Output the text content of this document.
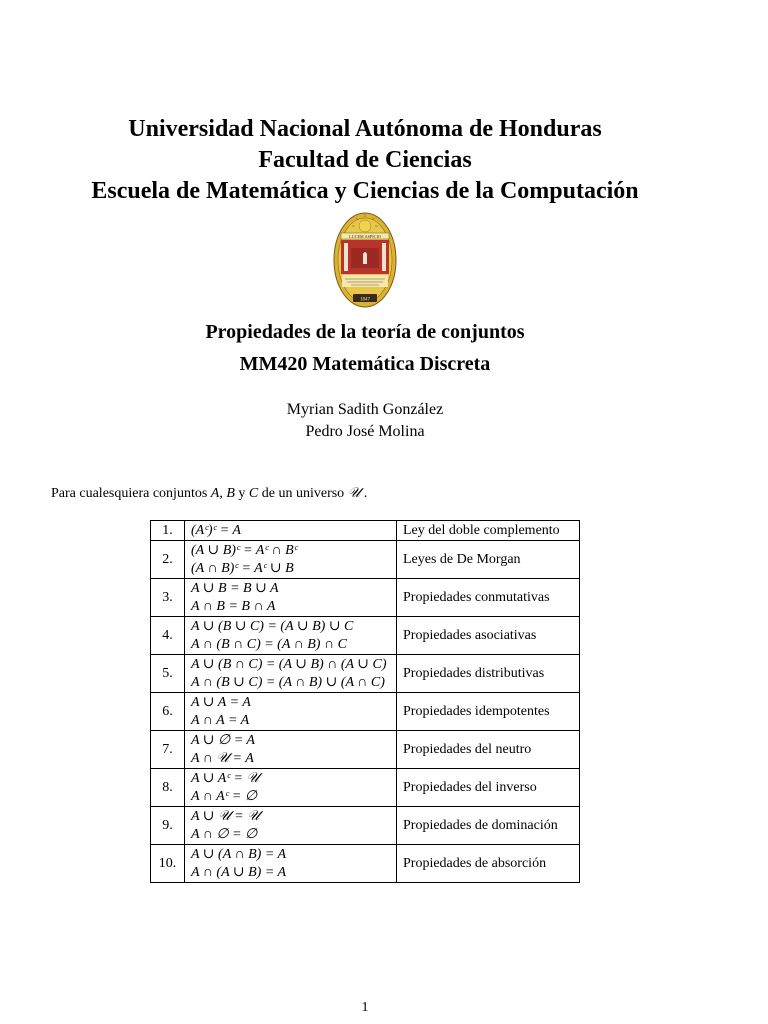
Universidad Nacional Autónoma de Honduras
Facultad de Ciencias
Escuela de Matemática y Ciencias de la Computación
LUCEM ASPICIO
1847
Propiedades de la teoría de conjuntos
MM420 Matemática Discreta
Myrian Sadith González
Pedro José Molina
Para cualesquiera conjuntos A, B y C de un universo 𝒰 .
1.	(Aᶜ)ᶜ = A	Ley del doble complemento
2.	(A ∪ B)ᶜ = Aᶜ ∩ Bᶜ
(A ∩ B)ᶜ = Aᶜ ∪ B	Leyes de De Morgan
3.	A ∪ B = B ∪ A
A ∩ B = B ∩ A	Propiedades conmutativas
4.	A ∪ (B ∪ C) = (A ∪ B) ∪ C
A ∩ (B ∩ C) = (A ∩ B) ∩ C	Propiedades asociativas
5.	A ∪ (B ∩ C) = (A ∪ B) ∩ (A ∪ C)
A ∩ (B ∪ C) = (A ∩ B) ∪ (A ∩ C)	Propiedades distributivas
6.	A ∪ A = A
A ∩ A = A	Propiedades idempotentes
7.	A ∪ ∅ = A
A ∩ 𝒰 = A	Propiedades del neutro
8.	A ∪ Aᶜ = 𝒰
A ∩ Aᶜ = ∅	Propiedades del inverso
9.	A ∪ 𝒰 = 𝒰
A ∩ ∅ = ∅	Propiedades de dominación
10.	A ∪ (A ∩ B) = A
A ∩ (A ∪ B) = A	Propiedades de absorción
1
